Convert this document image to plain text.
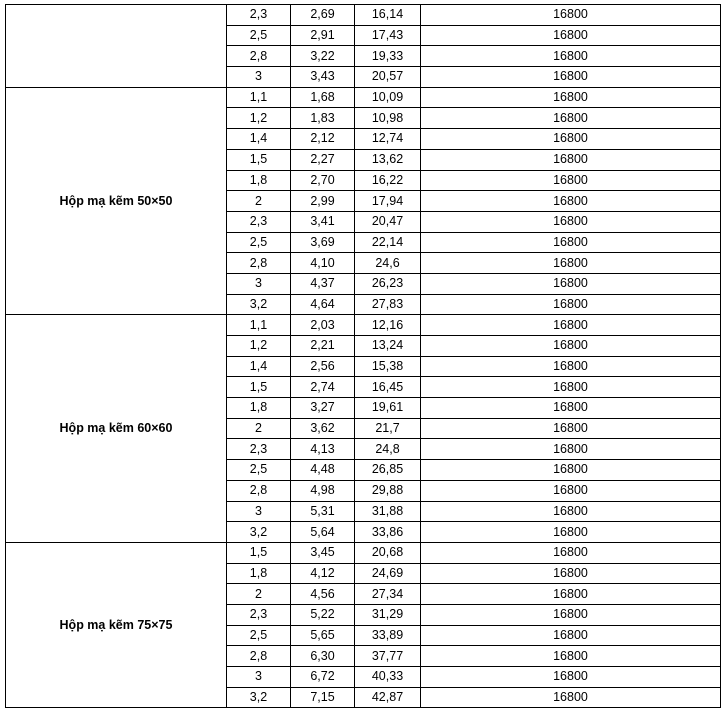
	2,3	2,69	16,14	16800
	2,5	2,91	17,43	16800
	2,8	3,22	19,33	16800
	3	3,43	20,57	16800
Hộp mạ kẽm 50×50	1,1	1,68	10,09	16800
	1,2	1,83	10,98	16800
	1,4	2,12	12,74	16800
	1,5	2,27	13,62	16800
	1,8	2,70	16,22	16800
	2	2,99	17,94	16800
	2,3	3,41	20,47	16800
	2,5	3,69	22,14	16800
	2,8	4,10	24,6	16800
	3	4,37	26,23	16800
	3,2	4,64	27,83	16800
Hộp mạ kẽm 60×60	1,1	2,03	12,16	16800
	1,2	2,21	13,24	16800
	1,4	2,56	15,38	16800
	1,5	2,74	16,45	16800
	1,8	3,27	19,61	16800
	2	3,62	21,7	16800
	2,3	4,13	24,8	16800
	2,5	4,48	26,85	16800
	2,8	4,98	29,88	16800
	3	5,31	31,88	16800
	3,2	5,64	33,86	16800
Hộp mạ kẽm 75×75	1,5	3,45	20,68	16800
	1,8	4,12	24,69	16800
	2	4,56	27,34	16800
	2,3	5,22	31,29	16800
	2,5	5,65	33,89	16800
	2,8	6,30	37,77	16800
	3	6,72	40,33	16800
	3,2	7,15	42,87	16800
